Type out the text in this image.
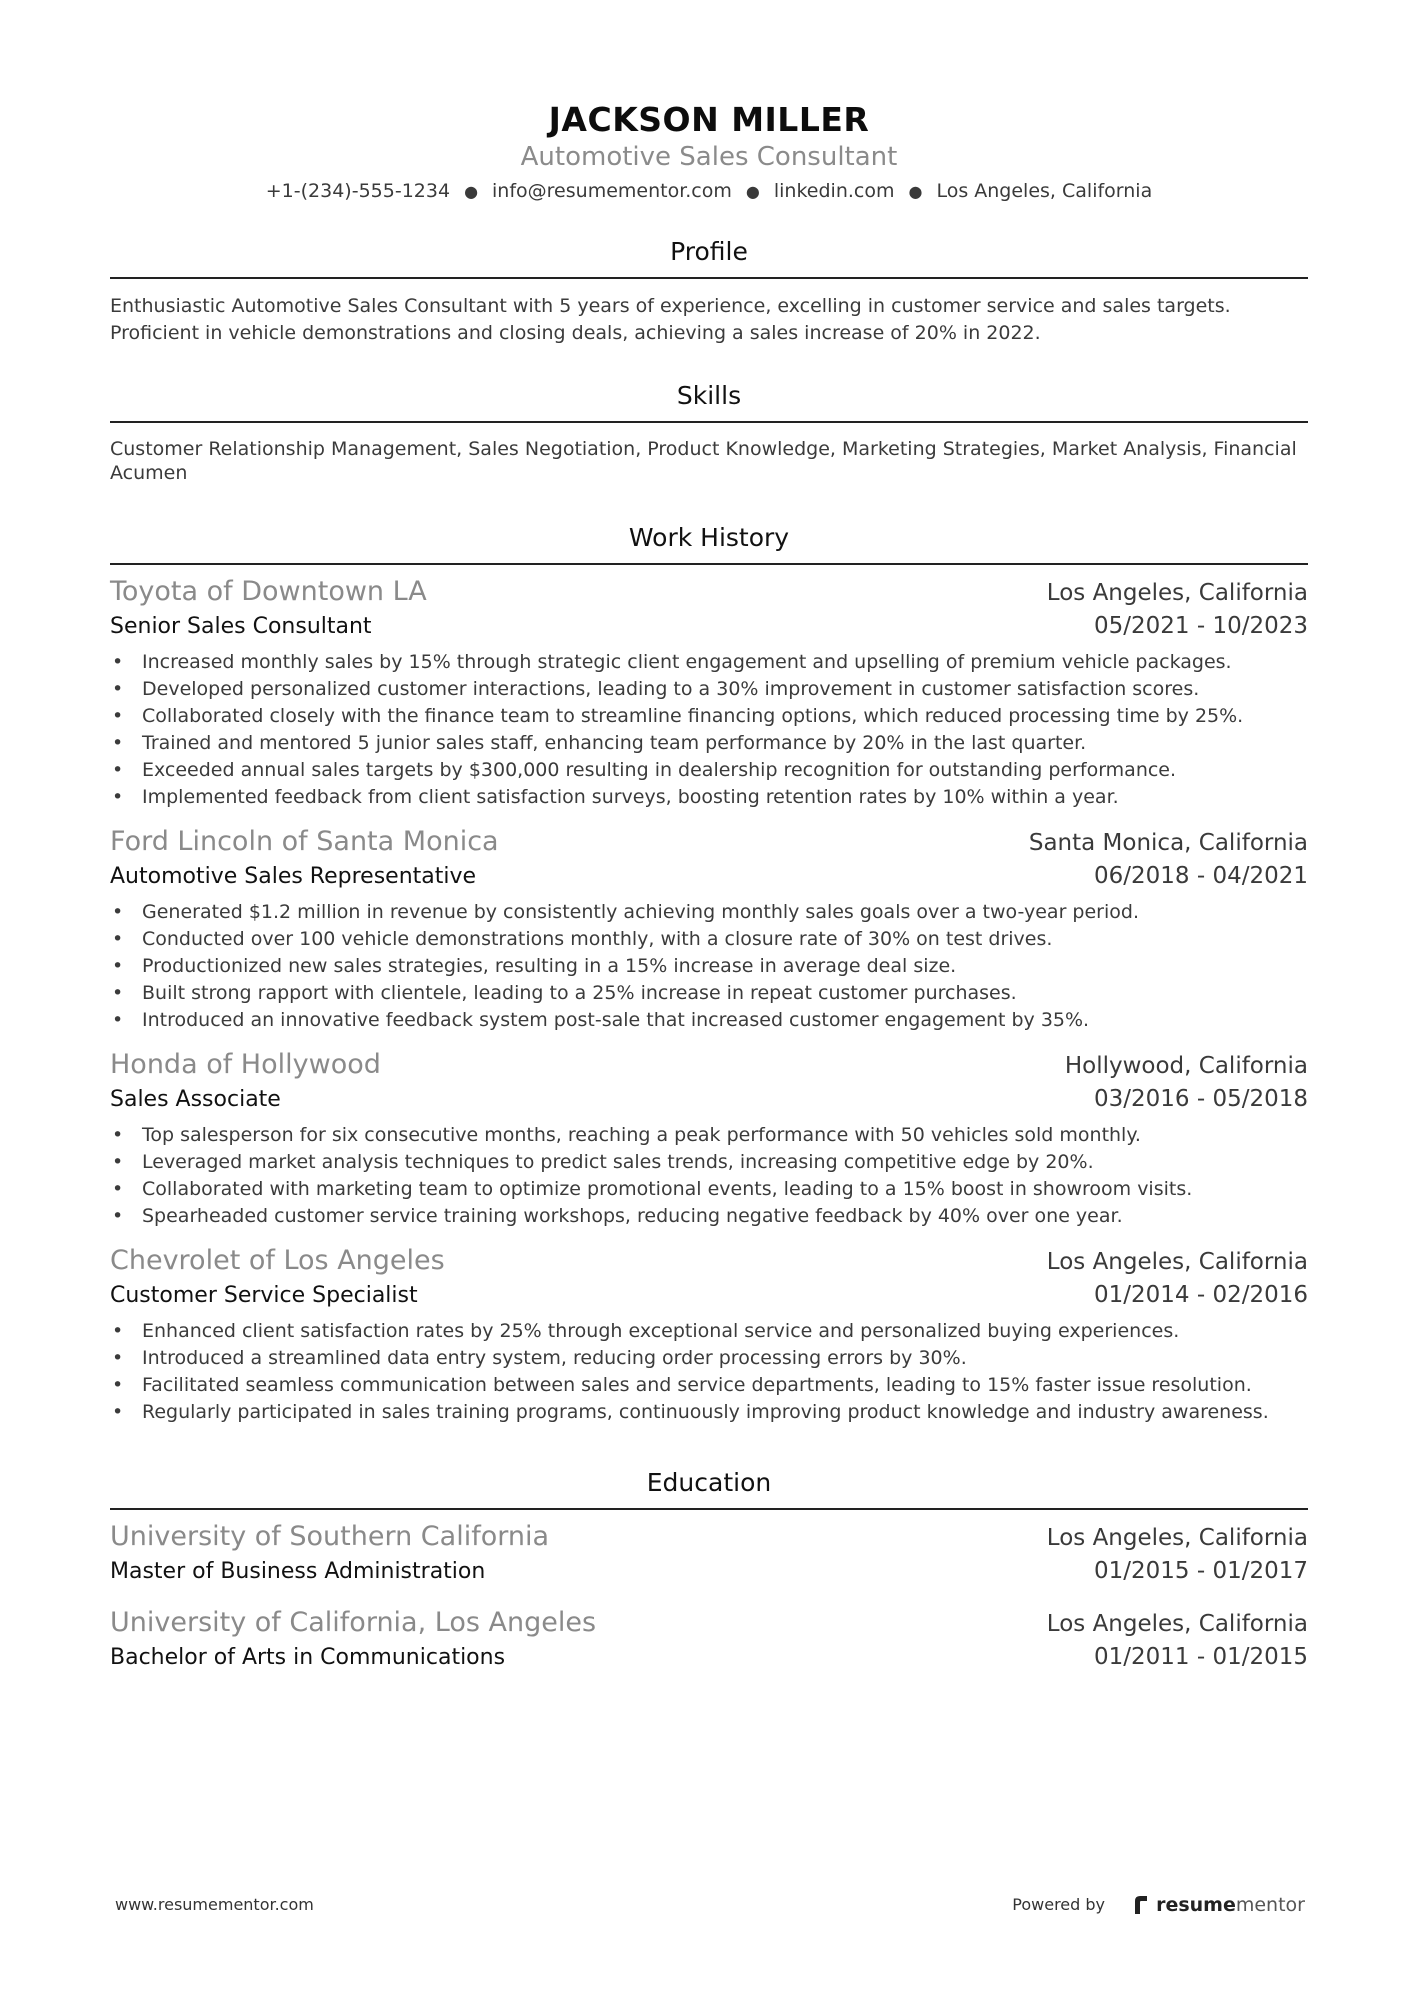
JACKSON MILLER
Automotive Sales Consultant
+1-(234)-555-1234 ● info@resumementor.com ● linkedin.com ● Los Angeles, California
Profile
Enthusiastic Automotive Sales Consultant with 5 years of experience, excelling in customer service and sales targets. Proficient in vehicle demonstrations and closing deals, achieving a sales increase of 20% in 2022.
Skills
Customer Relationship Management, Sales Negotiation, Product Knowledge, Marketing Strategies, Market Analysis, Financial Acumen
Work History
Toyota of Downtown LA	Los Angeles, California
Senior Sales Consultant	05/2021 - 10/2023
• Increased monthly sales by 15% through strategic client engagement and upselling of premium vehicle packages.
• Developed personalized customer interactions, leading to a 30% improvement in customer satisfaction scores.
• Collaborated closely with the finance team to streamline financing options, which reduced processing time by 25%.
• Trained and mentored 5 junior sales staff, enhancing team performance by 20% in the last quarter.
• Exceeded annual sales targets by $300,000 resulting in dealership recognition for outstanding performance.
• Implemented feedback from client satisfaction surveys, boosting retention rates by 10% within a year.
Ford Lincoln of Santa Monica	Santa Monica, California
Automotive Sales Representative	06/2018 - 04/2021
• Generated $1.2 million in revenue by consistently achieving monthly sales goals over a two-year period.
• Conducted over 100 vehicle demonstrations monthly, with a closure rate of 30% on test drives.
• Productionized new sales strategies, resulting in a 15% increase in average deal size.
• Built strong rapport with clientele, leading to a 25% increase in repeat customer purchases.
• Introduced an innovative feedback system post-sale that increased customer engagement by 35%.
Honda of Hollywood	Hollywood, California
Sales Associate	03/2016 - 05/2018
• Top salesperson for six consecutive months, reaching a peak performance with 50 vehicles sold monthly.
• Leveraged market analysis techniques to predict sales trends, increasing competitive edge by 20%.
• Collaborated with marketing team to optimize promotional events, leading to a 15% boost in showroom visits.
• Spearheaded customer service training workshops, reducing negative feedback by 40% over one year.
Chevrolet of Los Angeles	Los Angeles, California
Customer Service Specialist	01/2014 - 02/2016
• Enhanced client satisfaction rates by 25% through exceptional service and personalized buying experiences.
• Introduced a streamlined data entry system, reducing order processing errors by 30%.
• Facilitated seamless communication between sales and service departments, leading to 15% faster issue resolution.
• Regularly participated in sales training programs, continuously improving product knowledge and industry awareness.
Education
University of Southern California	Los Angeles, California
Master of Business Administration	01/2015 - 01/2017
University of California, Los Angeles	Los Angeles, California
Bachelor of Arts in Communications	01/2011 - 01/2015
www.resumementor.com	Powered by	resumementor
